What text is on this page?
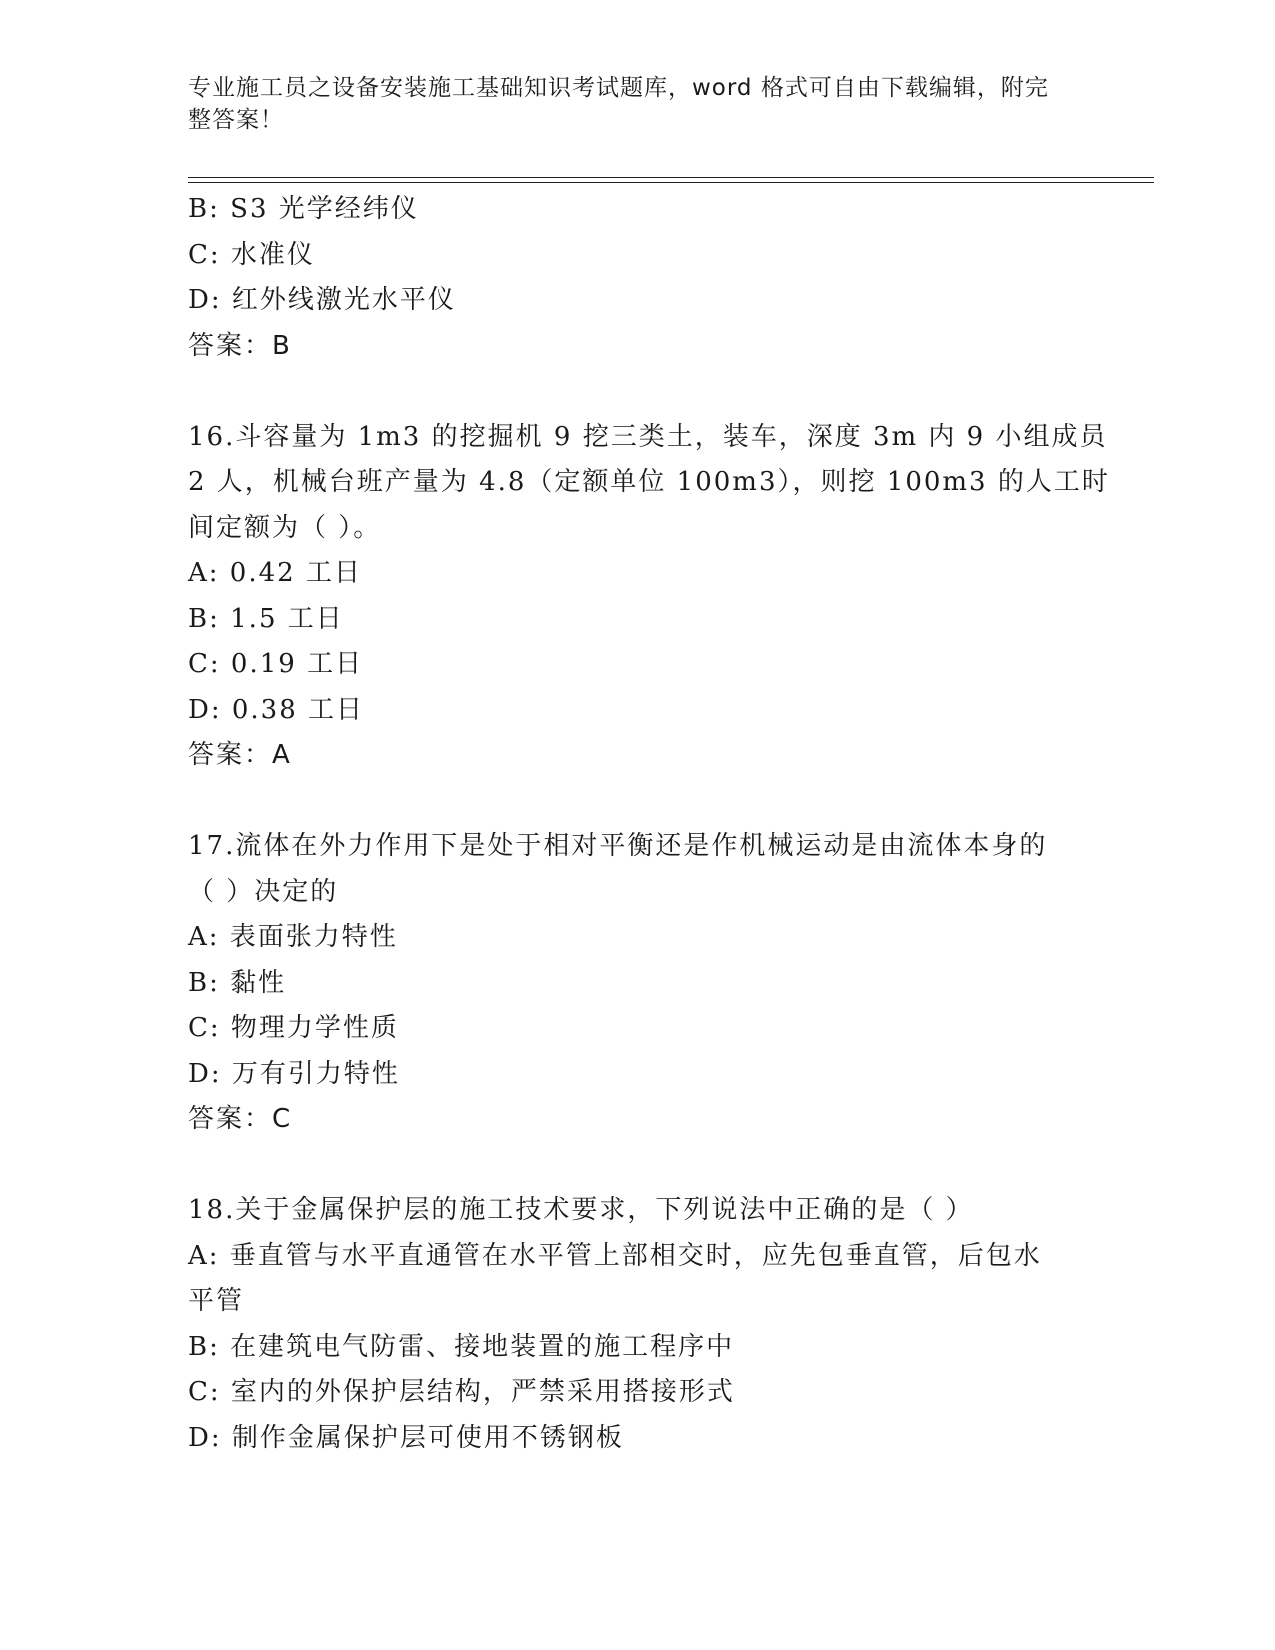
专业施工员之设备安装施工基础知识考试题库，word 格式可自由下载编辑，附完
整答案！
B: S3 光学经纬仪
C: 水准仪
D: 红外线激光水平仪
答案：B
16.斗容量为 1m3 的挖掘机 9 挖三类土，装车，深度 3m 内 9 小组成员
2 人，机械台班产量为 4.8（定额单位 100m3），则挖 100m3 的人工时
间定额为（ ）。
A: 0.42 工日
B: 1.5 工日
C: 0.19 工日
D: 0.38 工日
答案：A
17.流体在外力作用下是处于相对平衡还是作机械运动是由流体本身的
（ ）决定的
A: 表面张力特性
B: 黏性
C: 物理力学性质
D: 万有引力特性
答案：C
18.关于金属保护层的施工技术要求，下列说法中正确的是（ ）
A: 垂直管与水平直通管在水平管上部相交时，应先包垂直管，后包水
平管
B: 在建筑电气防雷、接地装置的施工程序中
C: 室内的外保护层结构，严禁采用搭接形式
D: 制作金属保护层可使用不锈钢板
